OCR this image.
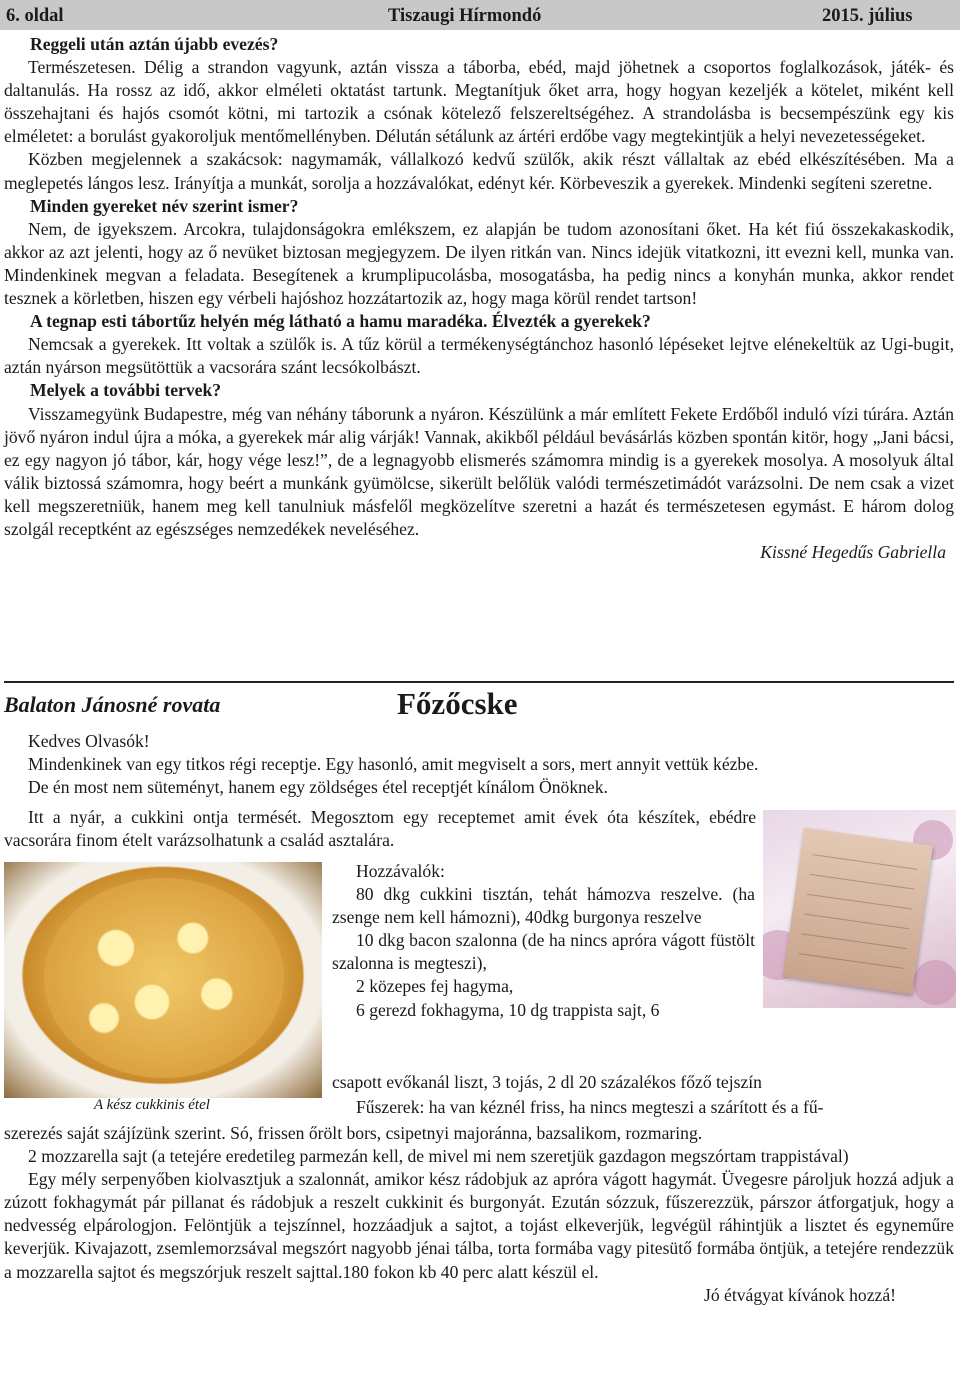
6. oldal	Tiszaugi Hírmondó	2015. július

Reggeli után aztán újabb evezés?

Természetesen. Délig a strandon vagyunk, aztán vissza a táborba, ebéd, majd jöhetnek a csoportos foglalkozások, játék- és daltanulás. Ha rossz az idő, akkor elméleti oktatást tartunk. Megtanítjuk őket arra, hogy hogyan kezeljék a kötelet, miként kell összehajtani és hajós csomót kötni, mi tartozik a csónak kötelező felszereltségéhez. A strandolásba is becsempészünk egy kis elméletet: a borulást gyakoroljuk mentőmellényben. Délután sétálunk az ártéri erdőbe vagy megtekintjük a helyi nevezetességeket.

Közben megjelennek a szakácsok: nagymamák, vállalkozó kedvű szülők, akik részt vállaltak az ebéd elkészítésében. Ma a meglepetés lángos lesz. Irányítja a munkát, sorolja a hozzávalókat, edényt kér. Körbeveszik a gyerekek. Mindenki segíteni szeretne.

Minden gyereket név szerint ismer?

Nem, de igyekszem. Arcokra, tulajdonságokra emlékszem, ez alapján be tudom azonosítani őket. Ha két fiú összekakaskodik, akkor az azt jelenti, hogy az ő nevüket biztosan megjegyzem. De ilyen ritkán van. Nincs idejük vitatkozni, itt evezni kell, munka van. Mindenkinek megvan a feladata. Besegítenek a krumplipucolásba, mosogatásba, ha pedig nincs a konyhán munka, akkor rendet tesznek a körletben, hiszen egy vérbeli hajóshoz hozzátartozik az, hogy maga körül rendet tartson!

A tegnap esti tábortűz helyén még látható a hamu maradéka. Élvezték a gyerekek?

Nemcsak a gyerekek. Itt voltak a szülők is. A tűz körül a termékenységtánchoz hasonló lépéseket lejtve elénekeltük az Ugi-bugit, aztán nyárson megsütöttük a vacsorára szánt lecsókolbászt.

Melyek a további tervek?

Visszamegyünk Budapestre, még van néhány táborunk a nyáron. Készülünk a már említett Fekete Erdőből induló vízi túrára. Aztán jövő nyáron indul újra a móka, a gyerekek már alig várják! Vannak, akikből például bevásárlás közben spontán kitör, hogy „Jani bácsi, ez egy nagyon jó tábor, kár, hogy vége lesz!”, de a legnagyobb elismerés számomra mindig is a gyerekek mosolya. A mosolyuk által válik biztossá számomra, hogy beért a munkánk gyümölcse, sikerült belőlük valódi természetimádót varázsolni. De nem csak a vizet kell megszeretniük, hanem meg kell tanulniuk másfelől megközelítve szeretni a hazát és természetesen egymást. E három dolog szolgál receptként az egészséges nemzedékek neveléséhez.

Kissné Hegedűs Gabriella

Balaton Jánosné rovata	Főzőcske

Kedves Olvasók!

Mindenkinek van egy titkos régi receptje. Egy hasonló, amit megviselt a sors, mert annyit vettük kézbe.

De én most nem süteményt, hanem egy zöldséges étel receptjét kínálom Önöknek.

Itt a nyár, a cukkini ontja termését. Megosztom egy receptemet amit évek óta készítek, ebédre vacsorára finom ételt varázsolhatunk a család asztalára.

A kész cukkinis étel

Hozzávalók:

80 dkg cukkini tisztán, tehát hámozva reszelve. (ha zsenge nem kell hámozni), 40dkg burgonya reszelve

10 dkg bacon szalonna (de ha nincs apróra vágott füstölt szalonna is megteszi),

2 közepes fej hagyma,

6 gerezd fokhagyma, 10 dg trappista sajt, 6

csapott evőkanál liszt, 3 tojás, 2 dl 20 százalékos főző tejszín
Fűszerek: ha van kéznél friss, ha nincs megteszi a szárított és a fű-

szerezés saját szájízünk szerint. Só, frissen őrölt bors, csipetnyi majoránna, bazsalikom, rozmaring.

2 mozzarella sajt (a tetejére eredetileg parmezán kell, de mivel mi nem szeretjük gazdagon megszórtam trappistával)

Egy mély serpenyőben kiolvasztjuk a szalonnát, amikor kész rádobjuk az apróra vágott hagymát. Üvegesre pároljuk hozzá adjuk a zúzott fokhagymát pár pillanat és rádobjuk a reszelt cukkinit és burgonyát. Ezután sózzuk, fűszerezzük, párszor átforgatjuk, hogy a nedvesség elpárologjon. Felöntjük a tejszínnel, hozzáadjuk a sajtot, a tojást elkeverjük, legvégül ráhintjük a lisztet és egyneműre keverjük. Kivajazott, zsemlemorzsával megszórt nagyobb jénai tálba, torta formába vagy pitesütő formába öntjük, a tetejére rendezzük a mozzarella sajtot és megszórjuk reszelt sajttal.180 fokon kb 40 perc alatt készül el.

Jó étvágyat kívánok hozzá!
